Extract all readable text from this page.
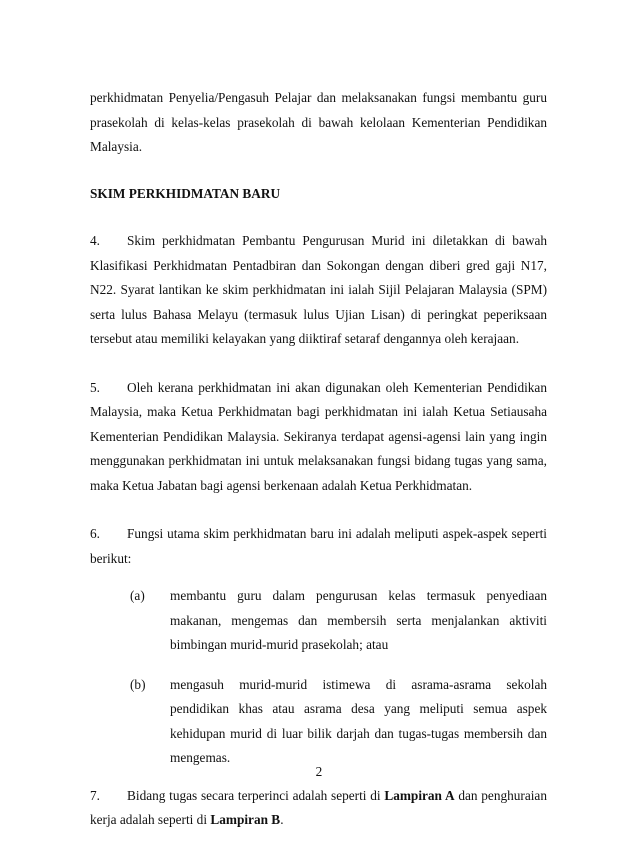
perkhidmatan Penyelia/Pengasuh Pelajar dan melaksanakan fungsi membantu guru prasekolah di kelas-kelas prasekolah di bawah kelolaan Kementerian Pendidikan Malaysia.

SKIM PERKHIDMATAN BARU

4. Skim perkhidmatan Pembantu Pengurusan Murid ini diletakkan di bawah Klasifikasi Perkhidmatan Pentadbiran dan Sokongan dengan diberi gred gaji N17, N22. Syarat lantikan ke skim perkhidmatan ini ialah Sijil Pelajaran Malaysia (SPM) serta lulus Bahasa Melayu (termasuk lulus Ujian Lisan) di peringkat peperiksaan tersebut atau memiliki kelayakan yang diiktiraf setaraf dengannya oleh kerajaan.

5. Oleh kerana perkhidmatan ini akan digunakan oleh Kementerian Pendidikan Malaysia, maka Ketua Perkhidmatan bagi perkhidmatan ini ialah Ketua Setiausaha Kementerian Pendidikan Malaysia. Sekiranya terdapat agensi-agensi lain yang ingin menggunakan perkhidmatan ini untuk melaksanakan fungsi bidang tugas yang sama, maka Ketua Jabatan bagi agensi berkenaan adalah Ketua Perkhidmatan.

6. Fungsi utama skim perkhidmatan baru ini adalah meliputi aspek-aspek seperti berikut:

(a) membantu guru dalam pengurusan kelas termasuk penyediaan makanan, mengemas dan membersih serta menjalankan aktiviti bimbingan murid-murid prasekolah; atau

(b) mengasuh murid-murid istimewa di asrama-asrama sekolah pendidikan khas atau asrama desa yang meliputi semua aspek kehidupan murid di luar bilik darjah dan tugas-tugas membersih dan mengemas.

7. Bidang tugas secara terperinci adalah seperti di Lampiran A dan penghuraian kerja adalah seperti di Lampiran B.

2
